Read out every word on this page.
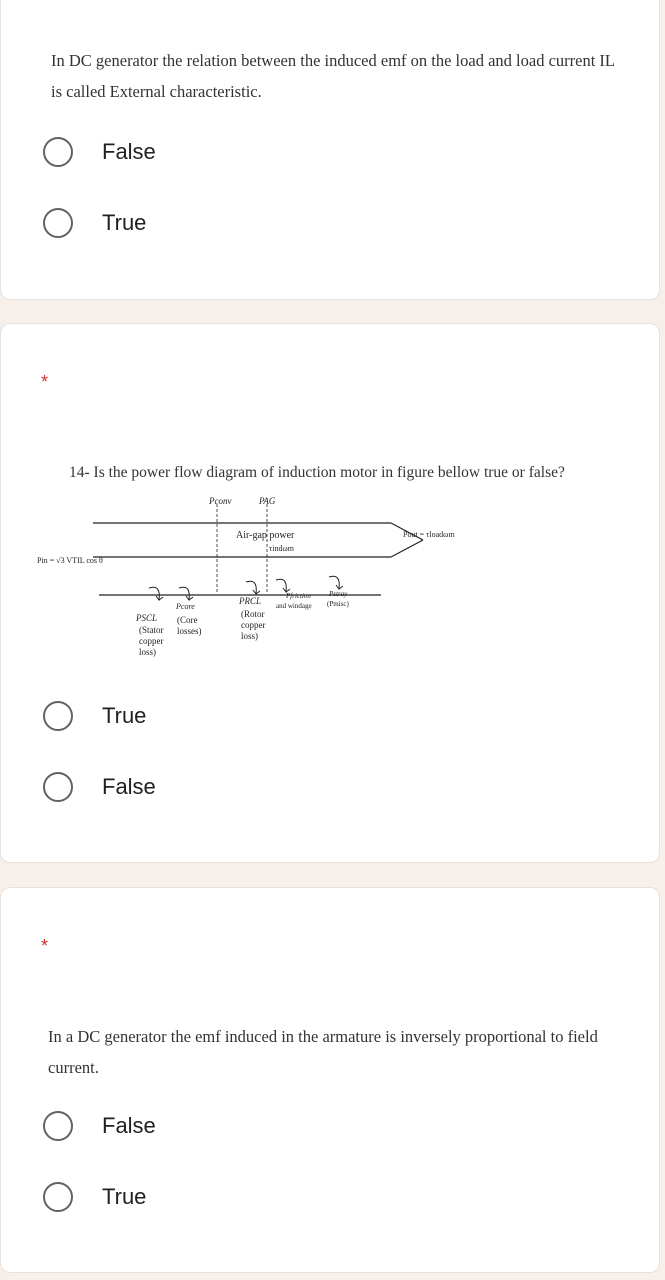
In DC generator the relation between the induced emf on the load and load current IL is called External characteristic.
False
True
*
14- Is the power flow diagram of induction motor in figure bellow true or false?
Pconv	PAG
Air-gap power
τindωm
Pout = τloadωm
Pin = √3 VTIL cos θ
PSCL
(Stator
copper
loss)
Pcore
(Core
losses)
PRCL
(Rotor
copper
loss)
Pfriction
and windage
Pstray
(Pmisc)
True
False
*
In a DC generator the emf induced in the armature is inversely proportional to field current.
False
True
